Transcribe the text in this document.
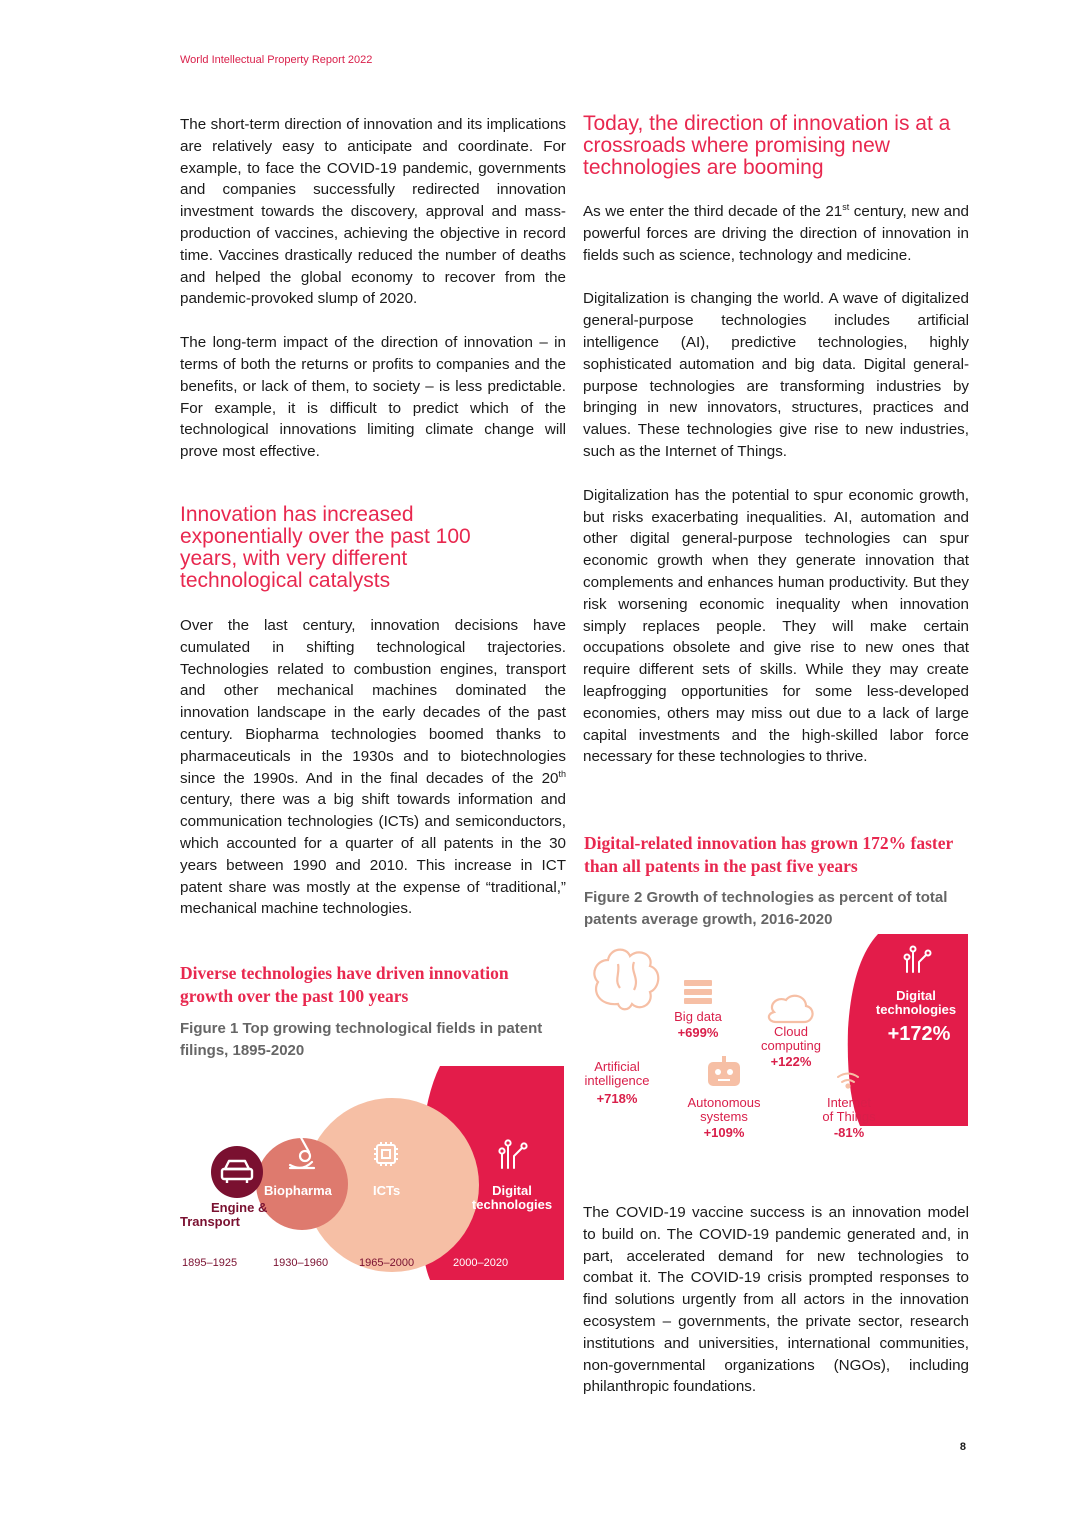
World Intellectual Property Report 2022

The short-term direction of innovation and its implications are relatively easy to anticipate and coordinate. For example, to face the COVID-19 pandemic, governments and companies successfully redirected innovation investment towards the discovery, approval and mass-production of vaccines, achieving the objective in record time. Vaccines drastically reduced the number of deaths and helped the global economy to recover from the pandemic-provoked slump of 2020.

The long-term impact of the direction of innovation – in terms of both the returns or profits to companies and the benefits, or lack of them, to society – is less predictable. For example, it is difficult to predict which of the technological innovations limiting climate change will prove most effective.

Innovation has increased exponentially over the past 100 years, with very different technological catalysts

Over the last century, innovation decisions have cumulated in shifting technological trajectories. Technologies related to combustion engines, transport and other mechanical machines dominated the innovation landscape in the early decades of the past century. Biopharma technologies boomed thanks to pharmaceuticals in the 1930s and to biotechnologies since the 1990s. And in the final decades of the 20th century, there was a big shift towards information and communication technologies (ICTs) and semiconductors, which accounted for a quarter of all patents in the 30 years between 1990 and 2010. This increase in ICT patent share was mostly at the expense of “traditional,” mechanical machine technologies.

Diverse technologies have driven innovation growth over the past 100 years

Figure 1 Top growing technological fields in patent filings, 1895-2020

Engine &
Transport
Biopharma	ICTs	Digital
technologies
1895–1925	1930–1960	1965–2000	2000–2020
Today, the direction of innovation is at a crossroads where promising new technologies are booming

As we enter the third decade of the 21st century, new and powerful forces are driving the direction of innovation in fields such as science, technology and medicine.

Digitalization is changing the world. A wave of digitalized general-purpose technologies includes artificial intelligence (AI), predictive technologies, highly sophisticated automation and big data. Digital general-purpose technologies are transforming industries by bringing in new innovators, structures, practices and values. These technologies give rise to new industries, such as the Internet of Things.

Digitalization has the potential to spur economic growth, but risks exacerbating inequalities. AI, automation and other digital general-purpose technologies can spur economic growth when they generate innovation that complements and enhances human productivity. But they risk worsening economic inequality when innovation simply replaces people. They will make certain occupations obsolete and give rise to new ones that require different sets of skills. While they may create leapfrogging opportunities for some less-developed economies, others may miss out due to a lack of large capital investments and the high-skilled labor force necessary for these technologies to thrive.

Digital-related innovation has grown 172% faster than all patents in the past five years

Figure 2 Growth of technologies as percent of total patents average growth, 2016-2020

Artificial
intelligence
+718%
Big data
+699%	Cloud
computing
+122%
Autonomous
systems
+109%
Internet
of Things
-81%
Digital
technologies
+172%

The COVID-19 vaccine success is an innovation model to build on. The COVID-19 pandemic generated and, in part, accelerated demand for new technologies to combat it. The COVID-19 crisis prompted responses to find solutions urgently from all actors in the innovation ecosystem – governments, the private sector, research institutions and universities, international communities, non-governmental organizations (NGOs), including philanthropic foundations.

8
